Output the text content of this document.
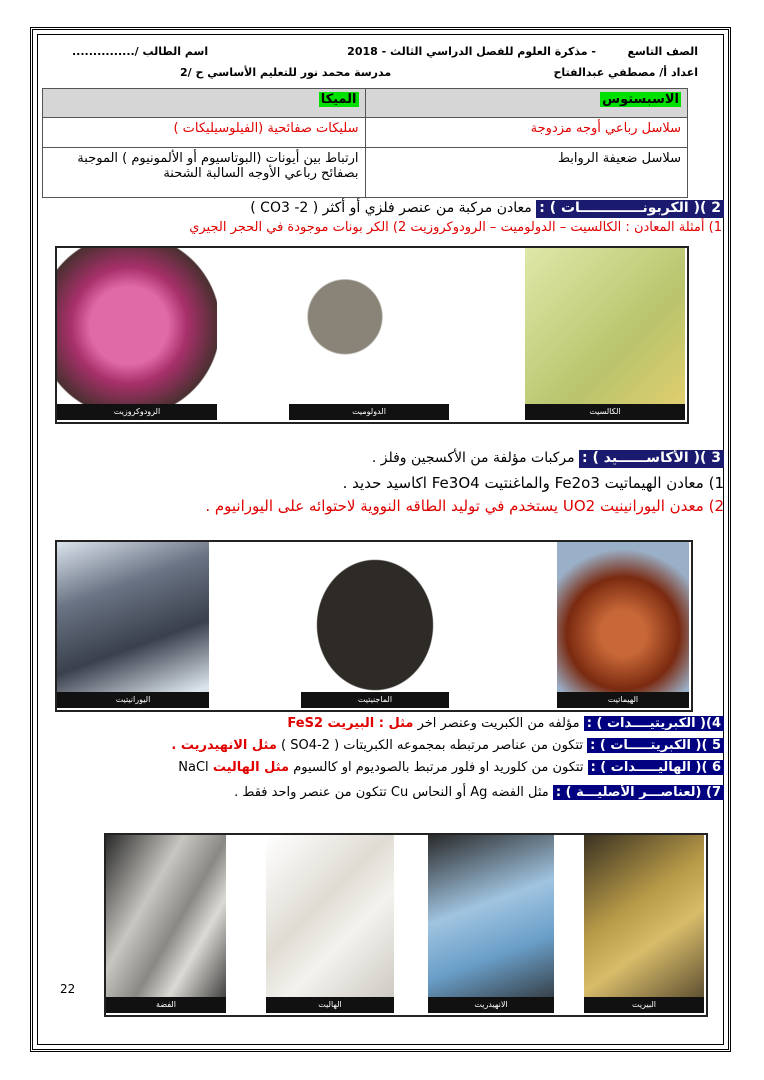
الصف التاسع
- مذكرة العلوم للفصل الدراسي الثالث - 2018
اسم الطالب /...............
اعداد أ/ مصطفي عبدالفتاح
مدرسة محمد نور للتعليم الأساسي ح /2
الاسبستوس	الميكا
سلاسل رباعي أوجه مزدوجة	سليكات صفائحية (الفيلوسيليكات )
سلاسل ضعيفة الروابط	ارتباط بين أيونات (البوتاسيوم أو الألمونيوم ) الموجبة بصفائح رباعي الأوجه السالبة الشحنة
2 )( الكربونـــــــــــــات ) : معادن مركبة من عنصر فلزي أو أكثر ( CO3 -2 )
1) أمثلة المعادن : الكالسيت – الدولوميت – الرودوكروزيت 2) الكر بونات موجودة في الحجر الجيري
الكالسيت
الدولوميت
الرودوكروزيت
3 )( الأكاســــــيد ) : مركبات مؤلفة من الأكسجين وفلز .
1) معادن الهيماتيت Fe2o3 والماغنتيت Fe3O4 اكاسيد حديد .
2) معدن اليورانينيت UO2 يستخدم في توليد الطاقه النووية لاحتوائه على اليورانيوم .
الهيماتيت
الماجنيتيت
اليورانيتيت
4)( الكبريتيــــدات ) : مؤلفه من الكبريت وعنصر اخر مثل : البيريت FeS2
5 )( الكبريتـــــات ) : تتكون من عناصر مرتبطه بمجموعه الكبريتات ( SO4-2 ) مثل الانهيدريت .
6 )( الهاليـــــدات ) : تتكون من كلوريد او فلور مرتبط بالصوديوم او كالسيوم مثل الهاليت NaCl
7) (لعناصـــر الأصليـــة ) : مثل الفضه Ag أو النحاس Cu تتكون من عنصر واحد فقط .
البيريت
الانهيدريت
الهاليت
الفضة
22
